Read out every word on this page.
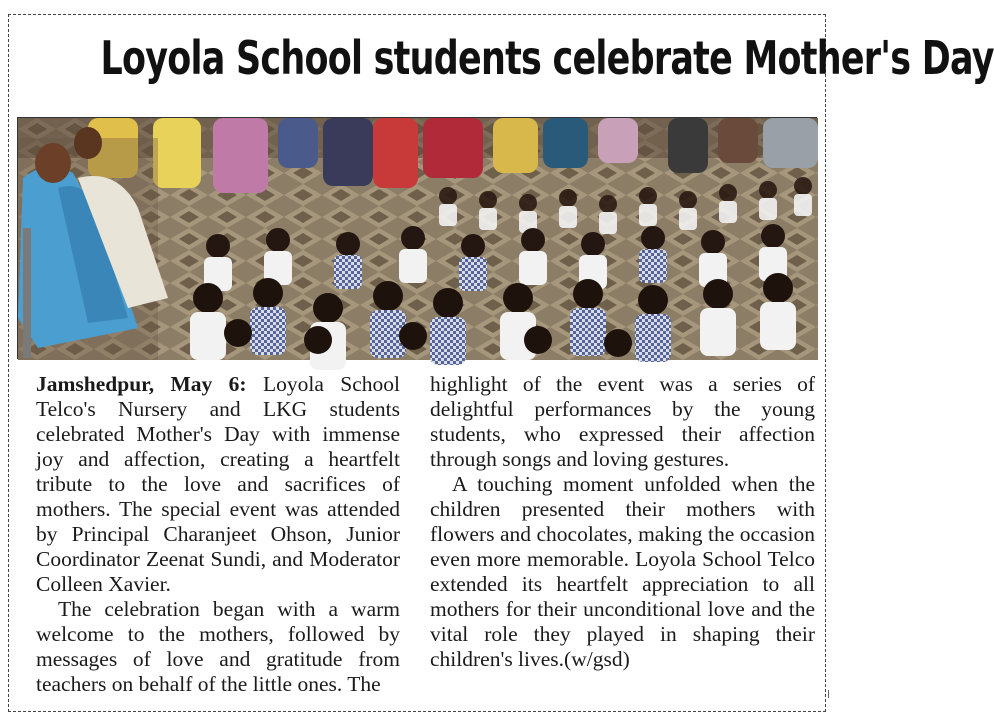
Loyola School students celebrate Mother's Day

Jamshedpur, May 6: Loyola School Telco's Nursery and LKG students celebrated Mother's Day with immense joy and affection, creating a heartfelt tribute to the love and sacrifices of mothers. The special event was attended by Principal Charanjeet Ohson, Junior Coordinator Zeenat Sundi, and Moderator Colleen Xavier.

The celebration began with a warm welcome to the mothers, followed by messages of love and gratitude from teachers on behalf of the little ones. The

highlight of the event was a series of delightful performances by the young students, who expressed their affection through songs and loving gestures.

A touching moment unfolded when the children presented their mothers with flowers and chocolates, making the occasion even more memorable. Loyola School Telco extended its heartfelt appreciation to all mothers for their unconditional love and the vital role they played in shaping their children's lives.(w/gsd)
